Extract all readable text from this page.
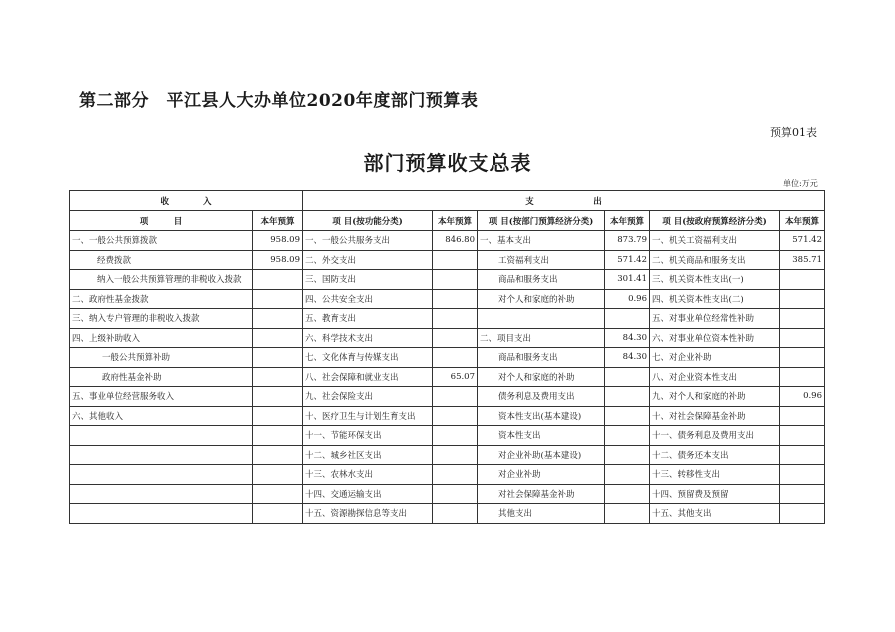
第二部分　平江县人大办单位2020年度部门预算表
预算01表
部门预算收支总表
单位:万元
收　　　　入		支　　　　　　　出					
项　　　目	本年预算	项 目(按功能分类)	本年预算	项 目(按部门预算经济分类)	本年预算	项 目(按政府预算经济分类)	本年预算
一、一般公共预算拨款	958.09	一、一般公共服务支出	846.80	一、基本支出	873.79	一、机关工资福利支出	571.42
经费拨款	958.09	二、外交支出		工资福利支出	571.42	二、机关商品和服务支出	385.71
纳入一般公共预算管理的非税收入拨款		三、国防支出		商品和服务支出	301.41	三、机关资本性支出(一)	
二、政府性基金拨款		四、公共安全支出		对个人和家庭的补助	0.96	四、机关资本性支出(二)	
三、纳入专户管理的非税收入拨款		五、教育支出				五、对事业单位经常性补助	
四、上级补助收入		六、科学技术支出		二、项目支出	84.30	六、对事业单位资本性补助	
一般公共预算补助		七、文化体育与传媒支出		商品和服务支出	84.30	七、对企业补助	
政府性基金补助		八、社会保障和就业支出	65.07	对个人和家庭的补助		八、对企业资本性支出	
五、事业单位经营服务收入		九、社会保险支出		债务利息及费用支出		九、对个人和家庭的补助	0.96
六、其他收入		十、医疗卫生与计划生育支出		资本性支出(基本建设)		十、对社会保障基金补助	
		十一、节能环保支出		资本性支出		十一、债务利息及费用支出	
		十二、城乡社区支出		对企业补助(基本建设)		十二、债务还本支出	
		十三、农林水支出		对企业补助		十三、转移性支出	
		十四、交通运输支出		对社会保障基金补助		十四、预留费及预留	
		十五、资源勘探信息等支出		其他支出		十五、其他支出	
